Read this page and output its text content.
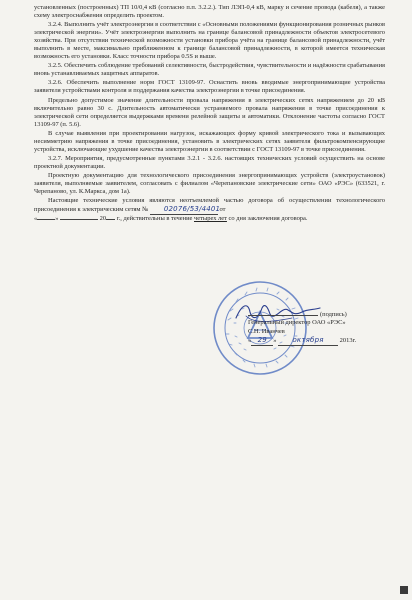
установленных (построенных) ТП 10/0,4 кВ (согласно п.п. 3.2.2.). Тип ЛЭП-0,4 кВ, марку и сечение провода (кабеля), а также схему электроснабжения определить проектом.

3.2.4. Выполнить учёт электроэнергии в соответствии с «Основными положениями функционирования розничных рынков электрической энергии». Учёт электроэнергии выполнить на границе балансовой принадлежности объектов электросетевого хозяйства. При отсутствии технической возможности установки прибора учёта на границе балансовой принадлежности, учёт выполнить в месте, максимально приближенном к границе балансовой принадлежности, в которой имеется техническая возможность его установки. Класс точности прибора 0.5S и выше.

3.2.5. Обеспечить соблюдение требований селективности, быстродействия, чувствительности и надёжности срабатывания вновь устанавливаемых защитных аппаратов.

3.2.6. Обеспечить выполнение норм ГОСТ 13109-97. Оснастить вновь вводимые энергопринимающие устройства заявителя устройствами контроля и поддержания качества электроэнергии в точке присоединения.

Предельно допустимое значение длительности провала напряжения в электрических сетях напряжением до 20 кВ включительно равно 30 с. Длительность автоматически устраняемого провала напряжения в точке присоединения к электрической сети определяется выдержками времени релейной защиты и автоматики. Отклонение частоты согласно ГОСТ 13109-97 (п. 5.6).

В случае выявления при проектировании нагрузок, искажающих форму кривой электрического тока и вызывающих несимметрию напряжения в точке присоединения, установить в электрических сетях заявителя фильтрокомпенсирующие устройства, исключающие ухудшение качества электроэнергии в соответствии с ГОСТ 13109-97 в точке присоединения.

3.2.7. Мероприятия, предусмотренные пунктами 3.2.1 - 3.2.6. настоящих технических условий осуществить на основе проектной документации.

Проектную документацию для технологического присоединения энергопринимающих устройств (электроустановок) заявителя, выполняемые заявителем, согласовать с филиалом «Черепановские электрические сети» ОАО «РЭС» (633521, г. Черепаново, ул. К.Маркса, дом 1а).

Настоящие технические условия являются неотъемлемой частью договора об осуществлении технологического присоединения к электрическим сетям № 02076/53/4401 от
«	»	20 г., действительны в течение четырех лет со дня заключения договора.

(подпись)
Генеральный директор ОАО «РЭС»
С.Н. Иванчев
« 29 » октября 2013г.
